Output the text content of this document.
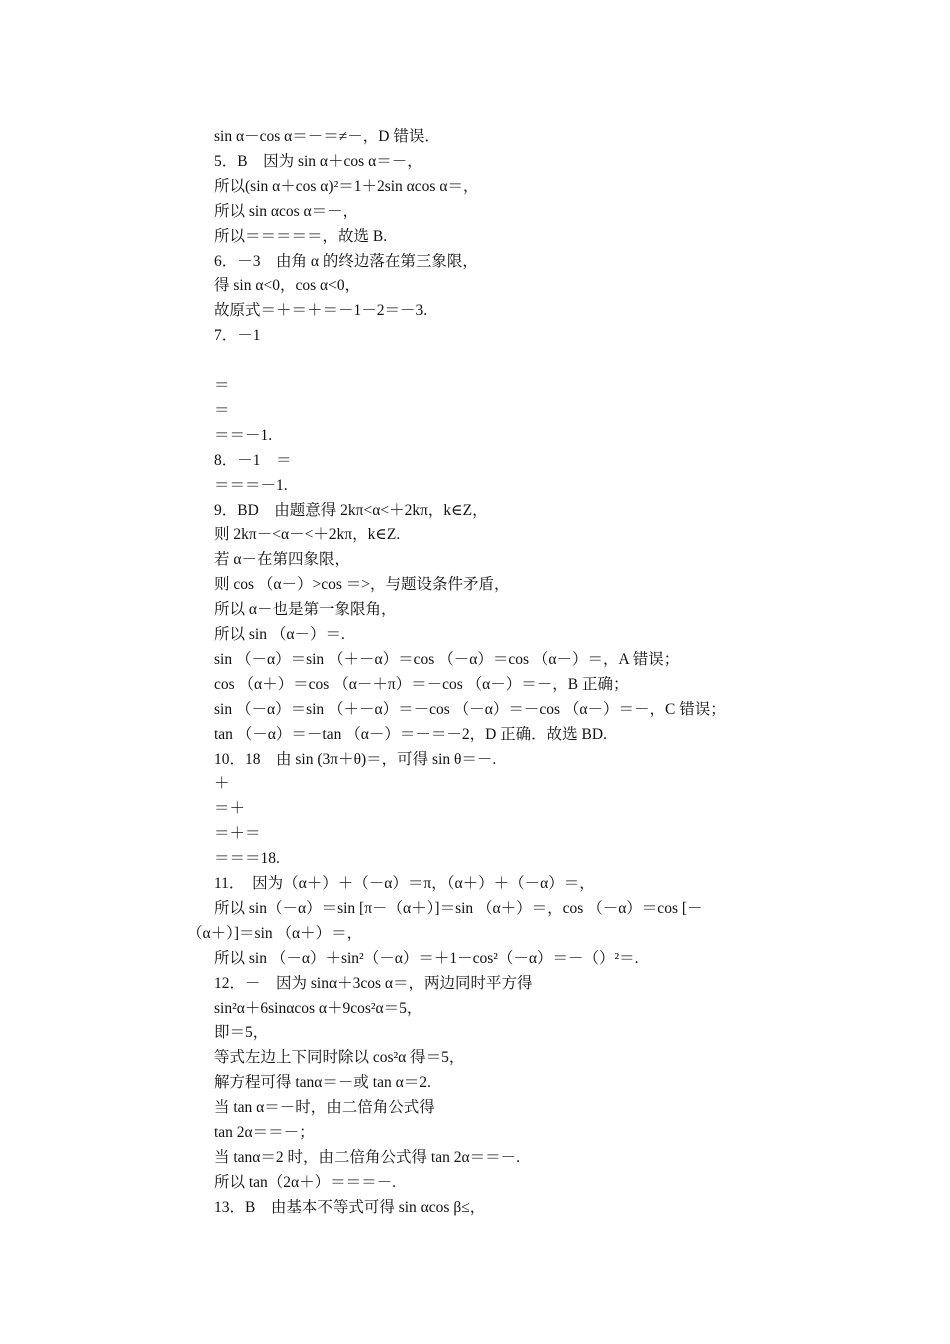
sin α－cos α＝－＝≠－，D 错误．
5．B　因为 sin α＋cos α＝－，
所以(sin α＋cos α)²＝1＋2sin αcos α＝，
所以 sin αcos α＝－，
所以＝＝＝＝＝，故选 B.
6．－3　由角 α 的终边落在第三象限，
得 sin α<0，cos α<0，
故原式＝＋＝＋＝－1－2＝－3.
7．－1
＝
＝
＝＝－1.
8．－1　＝
＝＝＝－1.
9．BD　由题意得 2kπ<α<＋2kπ，k∈Z，
则 2kπ－<α－<＋2kπ，k∈Z.
若 α－在第四象限，
则 cos （α－）>cos ＝>，与题设条件矛盾，
所以 α－也是第一象限角，
所以 sin （α－）＝.
sin （－α）＝sin （＋－α）＝cos （－α）＝cos （α－）＝，A 错误；
cos （α＋）＝cos （α－＋π）＝－cos （α－）＝－，B 正确；
sin （－α）＝sin （＋－α）＝－cos （－α）＝－cos （α－）＝－，C 错误；
tan （－α）＝－tan （α－）＝－＝－2，D 正确．故选 BD.
10．18　由 sin (3π＋θ)＝，可得 sin θ＝－.
＋
＝＋
＝＋＝
＝＝＝18.
11．　因为（α＋）＋（－α）＝π，（α＋）＋（－α）＝，
所以 sin（－α）＝sin [π－（α＋）]＝sin （α＋）＝，cos （－α）＝cos [－
（α＋）]＝sin （α＋）＝，
所以 sin （－α）＋sin²（－α）＝＋1－cos²（－α）＝－（）²＝.
12．－　因为 sinα＋3cos α＝，两边同时平方得
sin²α＋6sinαcos α＋9cos²α＝5，
即＝5，
等式左边上下同时除以 cos²α 得＝5，
解方程可得 tanα＝－或 tan α＝2.
当 tan α＝－时，由二倍角公式得
tan 2α＝＝－；
当 tanα＝2 时，由二倍角公式得 tan 2α＝＝－.
所以 tan（2α＋）＝＝＝－.
13．B　由基本不等式可得 sin αcos β≤，
